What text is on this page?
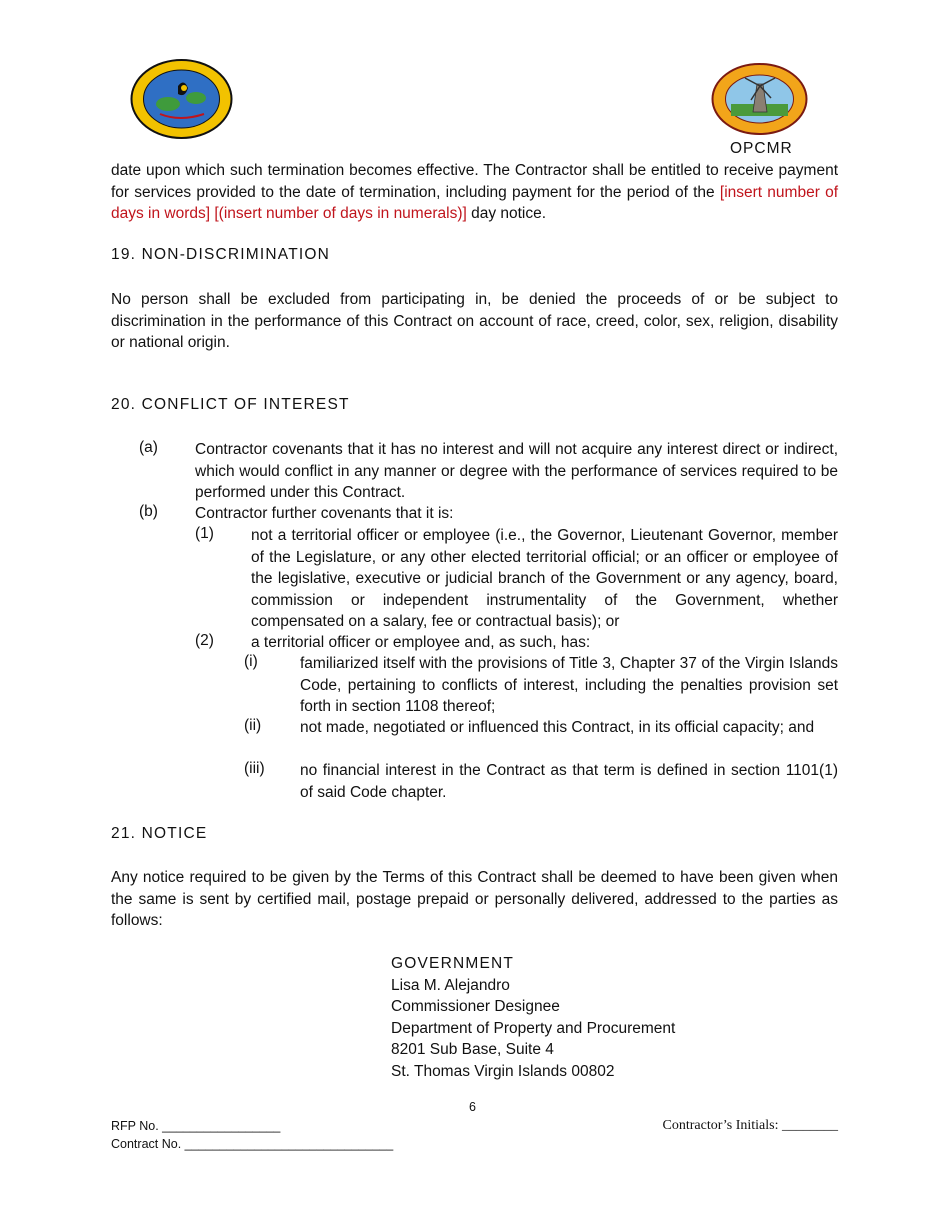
OPCMR
date upon which such termination becomes effective. The Contractor shall be entitled to receive payment for services provided to the date of termination, including payment for the period of the [insert number of days in words] [(insert number of days in numerals)] day notice.
19. NON-DISCRIMINATION
No person shall be excluded from participating in, be denied the proceeds of or be subject to discrimination in the performance of this Contract on account of race, creed, color, sex, religion, disability or national origin.
20. CONFLICT OF INTEREST
(a) Contractor covenants that it has no interest and will not acquire any interest direct or indirect, which would conflict in any manner or degree with the performance of services required to be performed under this Contract.
(b) Contractor further covenants that it is:
(1) not a territorial officer or employee (i.e., the Governor, Lieutenant Governor, member of the Legislature, or any other elected territorial official; or an officer or employee of the legislative, executive or judicial branch of the Government or any agency, board, commission or independent instrumentality of the Government, whether compensated on a salary, fee or contractual basis); or
(2) a territorial officer or employee and, as such, has:
(i)	familiarized itself with the provisions of Title 3, Chapter 37 of the Virgin Islands Code, pertaining to conflicts of interest, including the penalties provision set forth in section 1108 thereof;
(ii)	not made, negotiated or influenced this Contract, in its official capacity; and
(iii) no financial interest in the Contract as that term is defined in section 1101(1) of said Code chapter.
21. NOTICE
Any notice required to be given by the Terms of this Contract shall be deemed to have been given when the same is sent by certified mail, postage prepaid or personally delivered, addressed to the parties as follows:
GOVERNMENT
Lisa M. Alejandro
Commissioner Designee
Department of Property and Procurement
8201 Sub Base, Suite 4
St. Thomas Virgin Islands 00802
6
RFP No. _________________
Contract No. ______________________________
Contractor’s Initials: ________
